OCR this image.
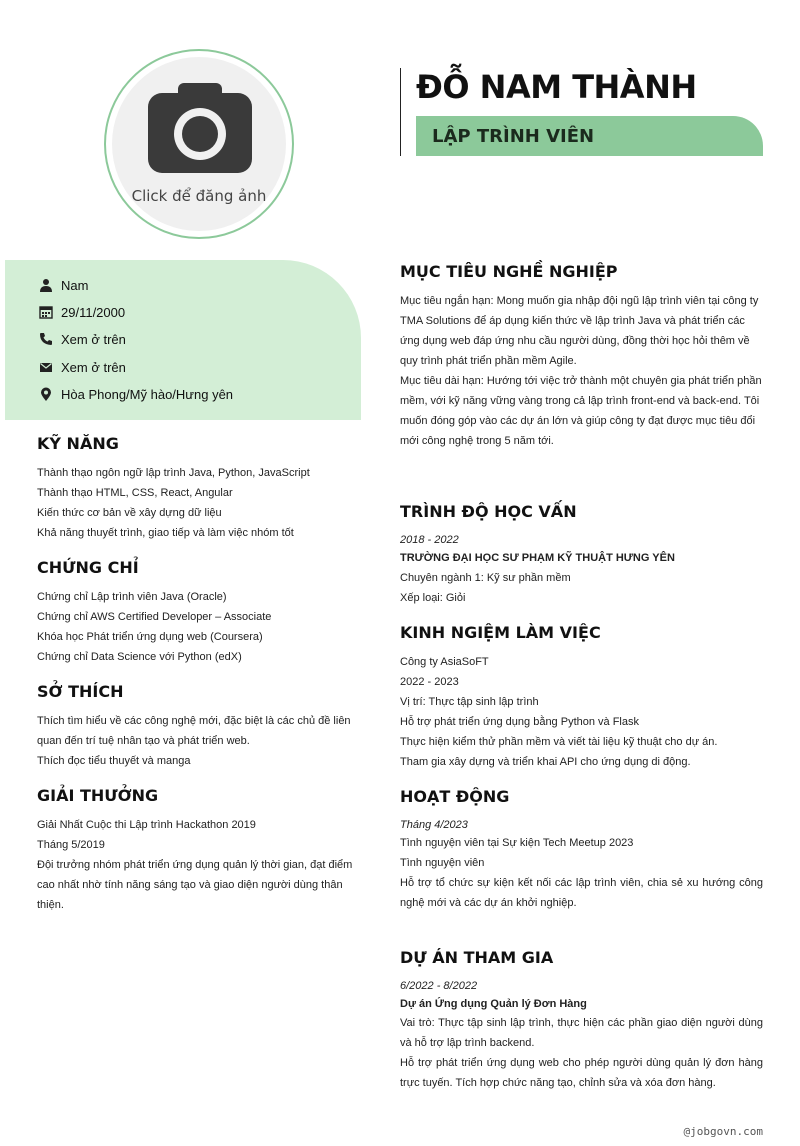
Click để đăng ảnh
ĐỖ NAM THÀNH
LẬP TRÌNH VIÊN
Nam
29/11/2000
Xem ở trên
Xem ở trên
Hòa Phong/Mỹ hào/Hưng yên
KỸ NĂNG
Thành thạo ngôn ngữ lập trình Java, Python, JavaScript
Thành thạo HTML, CSS, React, Angular
Kiến thức cơ bản về xây dựng dữ liệu
Khả năng thuyết trình, giao tiếp và làm việc nhóm tốt
CHỨNG CHỈ
Chứng chỉ Lập trình viên Java (Oracle)
Chứng chỉ AWS Certified Developer – Associate
Khóa học Phát triển ứng dụng web (Coursera)
Chứng chỉ Data Science với Python (edX)
SỞ THÍCH
Thích tìm hiểu về các công nghệ mới, đặc biệt là các chủ đề liên quan đến trí tuệ nhân tạo và phát triển web.
Thích đọc tiểu thuyết và manga
GIẢI THƯỞNG
Giải Nhất Cuộc thi Lập trình Hackathon 2019
Tháng 5/2019
Đội trưởng nhóm phát triển ứng dụng quản lý thời gian, đạt điểm cao nhất nhờ tính năng sáng tạo và giao diện người dùng thân thiện.
MỤC TIÊU NGHỀ NGHIỆP
Mục tiêu ngắn hạn: Mong muốn gia nhập đội ngũ lập trình viên tại công ty TMA Solutions để áp dụng kiến thức về lập trình Java và phát triển các ứng dụng web đáp ứng nhu cầu người dùng, đồng thời học hỏi thêm về quy trình phát triển phần mềm Agile.
Mục tiêu dài hạn: Hướng tới việc trở thành một chuyên gia phát triển phần mềm, với kỹ năng vững vàng trong cả lập trình front-end và back-end. Tôi muốn đóng góp vào các dự án lớn và giúp công ty đạt được mục tiêu đổi mới công nghệ trong 5 năm tới.
TRÌNH ĐỘ HỌC VẤN
2018 - 2022
TRƯỜNG ĐẠI HỌC SƯ PHẠM KỸ THUẬT HƯNG YÊN
Chuyên ngành 1: Kỹ sư phần mềm
Xếp loại: Giỏi
KINH NGIỆM LÀM VIỆC
Công ty AsiaSoFT
2022 - 2023
Vị trí: Thực tập sinh lập trình
Hỗ trợ phát triển ứng dụng bằng Python và Flask
Thực hiện kiểm thử phần mềm và viết tài liệu kỹ thuật cho dự án.
Tham gia xây dựng và triển khai API cho ứng dụng di động.
HOẠT ĐỘNG
Tháng 4/2023
Tình nguyện viên tại Sự kiện Tech Meetup 2023
Tình nguyện viên
Hỗ trợ tổ chức sự kiện kết nối các lập trình viên, chia sẻ xu hướng công nghệ mới và các dự án khởi nghiệp.
DỰ ÁN THAM GIA
6/2022 - 8/2022
Dự án Ứng dụng Quản lý Đơn Hàng
Vai trò: Thực tập sinh lập trình, thực hiện các phần giao diện người dùng và hỗ trợ lập trình backend.
Hỗ trợ phát triển ứng dụng web cho phép người dùng quản lý đơn hàng trực tuyến. Tích hợp chức năng tạo, chỉnh sửa và xóa đơn hàng.
@jobgovn.com
